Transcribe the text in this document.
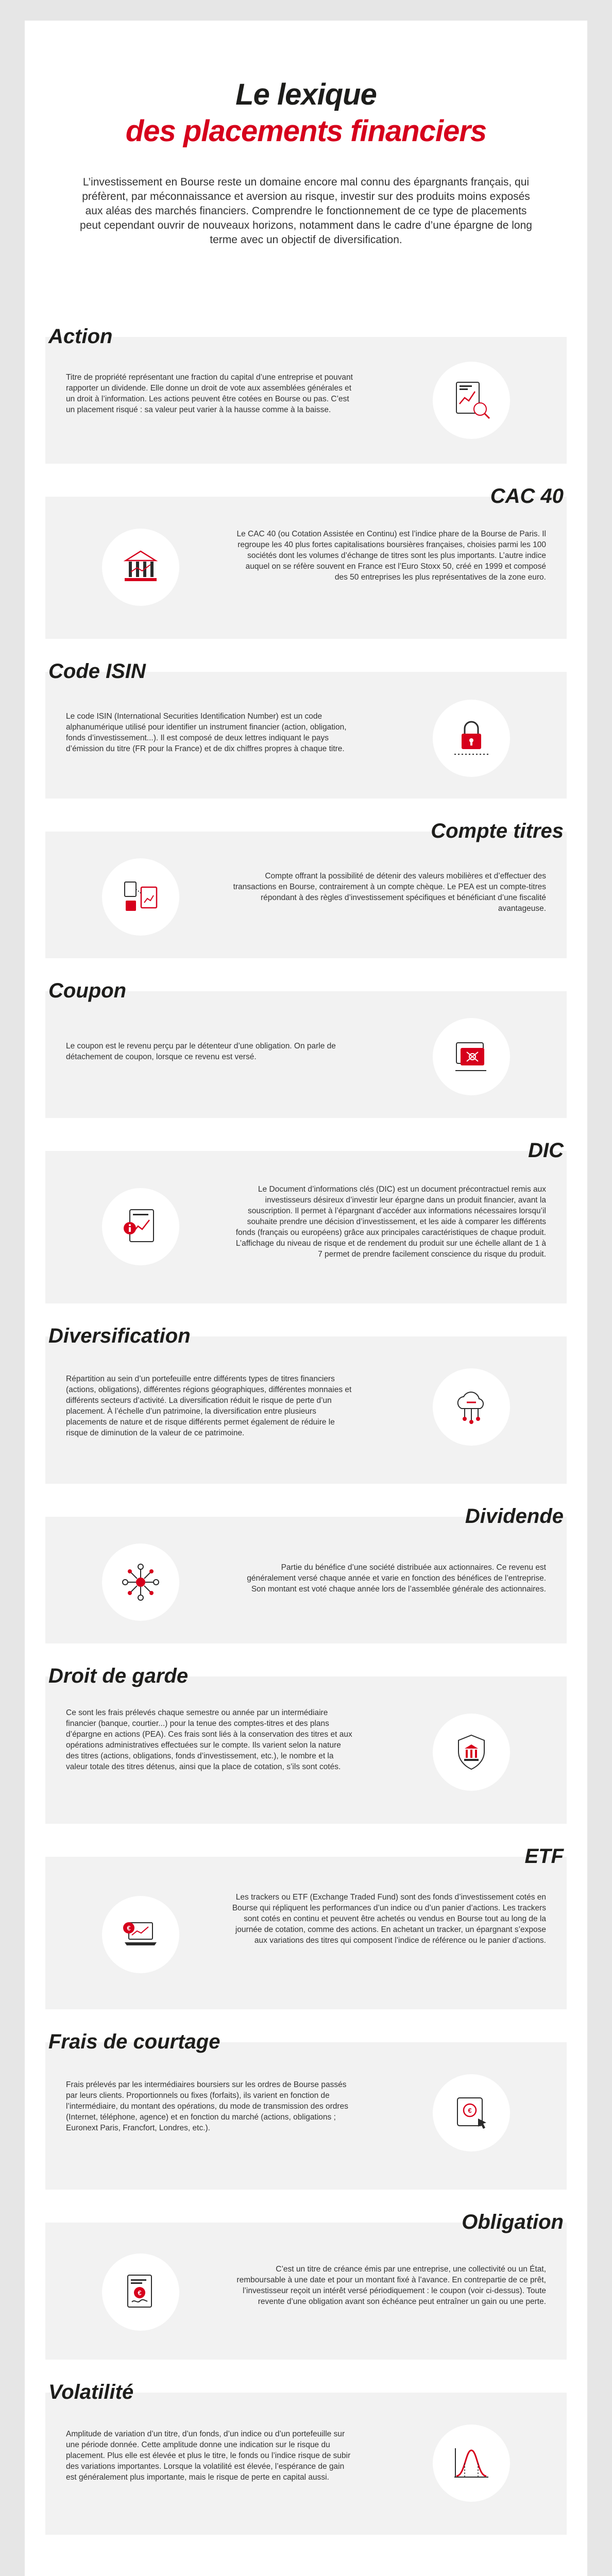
Le lexique
des placements financiers

L’investissement en Bourse reste un domaine encore mal connu des épargnants français, qui préfèrent, par méconnaissance et aversion au risque, investir sur des produits moins exposés aux aléas des marchés financiers. Comprendre le fonctionnement de ce type de placements peut cependant ouvrir de nouveaux horizons, notamment dans le cadre d’une épargne de long terme avec un objectif de diversification.

Action

Titre de propriété représentant une fraction du capital d’une entreprise et pouvant rapporter un dividende. Elle donne un droit de vote aux assemblées générales et un droit à l’information. Les actions peuvent être cotées en Bourse ou pas. C’est un placement risqué : sa valeur peut varier à la hausse comme à la baisse.

CAC 40

Le CAC 40 (ou Cotation Assistée en Continu) est l’indice phare de la Bourse de Paris. Il regroupe les 40 plus fortes capitalisations boursières françaises, choisies parmi les 100 sociétés dont les volumes d’échange de titres sont les plus importants. L’autre indice auquel on se réfère souvent en France est l’Euro Stoxx 50, créé en 1999 et composé des 50 entreprises les plus représentatives de la zone euro.

Code ISIN

Le code ISIN (International Securities Identification Number) est un code alphanumérique utilisé pour identifier un instrument financier (action, obligation, fonds d’investissement...). Il est composé de deux lettres indiquant le pays d’émission du titre (FR pour la France) et de dix chiffres propres à chaque titre.

Compte titres

Compte offrant la possibilité de détenir des valeurs mobilières et d’effectuer des transactions en Bourse, contrairement à un compte chèque. Le PEA est un compte-titres répondant à des règles d’investissement spécifiques et bénéficiant d’une fiscalité avantageuse.

Coupon

Le coupon est le revenu perçu par le détenteur d’une obligation. On parle de détachement de coupon, lorsque ce revenu est versé.

DIC

Le Document d’informations clés (DIC) est un document précontractuel remis aux investisseurs désireux d’investir leur épargne dans un produit financier, avant la souscription. Il permet à l’épargnant d’accéder aux informations nécessaires lorsqu’il souhaite prendre une décision d’investissement, et les aide à comparer les différents fonds (français ou européens) grâce aux principales caractéristiques de chaque produit. L’affichage du niveau de risque et de rendement du produit sur une échelle allant de 1 à 7 permet de prendre facilement conscience du risque du produit.

Diversification

Répartition au sein d’un portefeuille entre différents types de titres financiers (actions, obligations), différentes régions géographiques, différentes monnaies et différents secteurs d’activité. La diversification réduit le risque de perte d’un placement. À l’échelle d’un patrimoine, la diversification entre plusieurs placements de nature et de risque différents permet également de réduire le risque de diminution de la valeur de ce patrimoine.

Dividende

Partie du bénéfice d’une société distribuée aux actionnaires. Ce revenu est généralement versé chaque année et varie en fonction des bénéfices de l’entreprise. Son montant est voté chaque année lors de l’assemblée générale des actionnaires.

Droit de garde

Ce sont les frais prélevés chaque semestre ou année par un intermédiaire financier (banque, courtier...) pour la tenue des comptes-titres et des plans d’épargne en actions (PEA). Ces frais sont liés à la conservation des titres et aux opérations administratives effectuées sur le compte. Ils varient selon la nature des titres (actions, obligations, fonds d’investissement, etc.), le nombre et la valeur totale des titres détenus, ainsi que la place de cotation, s’ils sont cotés.

ETF

Les trackers ou ETF (Exchange Traded Fund) sont des fonds d’investissement cotés en Bourse qui répliquent les performances d’un indice ou d’un panier d’actions. Les trackers sont cotés en continu et peuvent être achetés ou vendus en Bourse tout au long de la journée de cotation, comme des actions. En achetant un tracker, un épargnant s’expose aux variations des titres qui composent l’indice de référence ou le panier d’actions.

€
Frais de courtage

Frais prélevés par les intermédiaires boursiers sur les ordres de Bourse passés par leurs clients. Proportionnels ou fixes (forfaits), ils varient en fonction de l’intermédiaire, du montant des opérations, du mode de transmission des ordres (Internet, téléphone, agence) et en fonction du marché (actions, obligations ; Euronext Paris, Francfort, Londres, etc.).

€
Obligation

C’est un titre de créance émis par une entreprise, une collectivité ou un État, remboursable à une date et pour un montant fixé à l’avance. En contrepartie de ce prêt, l’investisseur reçoit un intérêt versé périodiquement : le coupon (voir ci-dessus). Toute revente d’une obligation avant son échéance peut entraîner un gain ou une perte.

€
Volatilité

Amplitude de variation d’un titre, d’un fonds, d’un indice ou d’un portefeuille sur une période donnée. Cette amplitude donne une indication sur le risque du placement. Plus elle est élevée et plus le titre, le fonds ou l’indice risque de subir des variations importantes. Lorsque la volatilité est élevée, l’espérance de gain est généralement plus importante, mais le risque de perte en capital aussi.
